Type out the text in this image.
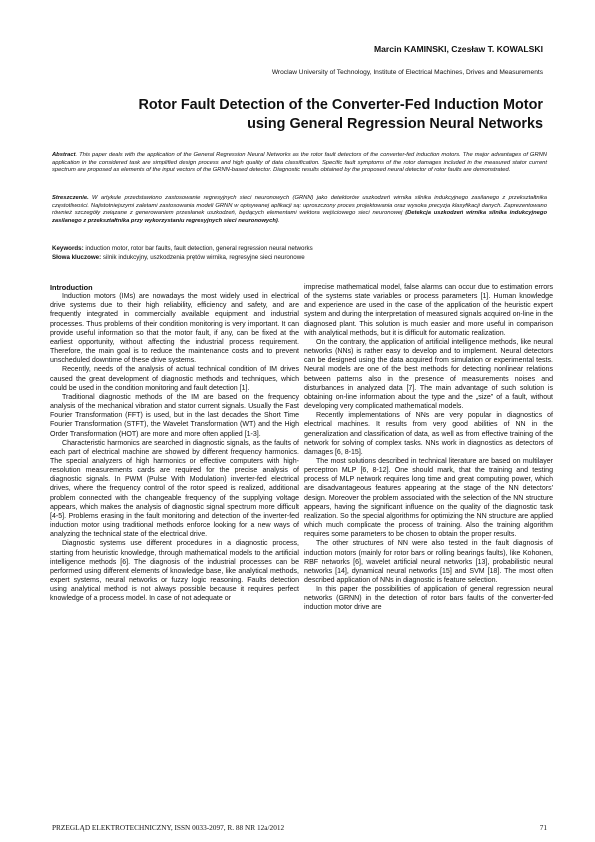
Marcin KAMINSKI, Czesław T. KOWALSKI
Wroclaw University of Technology, Institute of Electrical Machines, Drives and Measurements
Rotor Fault Detection of the Converter-Fed Induction Motor
using General Regression Neural Networks
Abstract. This paper deals with the application of the General Regression Neural Networks as the rotor fault detectors of the converter-fed induction motors. The major advantages of GRNN application in the considered task are simplified design process and high quality of data classification. Specific fault symptoms of the rotor damages included in the measured stator current spectrum are proposed as elements of the input vectors of the GRNN-based detector. Diagnostic results obtained by the proposed neural detector of rotor faults are demonstrated.
Streszczenie. W artykule przedstawiono zastosowanie regresyjnych sieci neuronowych (GRNN) jako detektorów uszkodzeń wirnika silnika indukcyjnego zasilanego z przekształtnika częstotliwości. Najistotniejszymi zaletami zastosowania modeli GRNN w opisywanej aplikacji są: uproszczony proces projektowania oraz wysoka precyzja klasyfikacji danych. Zaprezentowano również szczegóły związane z generowaniem przesłanek uszkodzeń, będących elementami wektora wejściowego sieci neuronowej (Detekcja uszkodzeń wirnika silnika indukcyjnego zasilanego z przekształtnika przy wykorzystaniu regresyjnych sieci neuronowych).
Keywords: induction motor, rotor bar faults, fault detection, general regression neural networks
Słowa kluczowe: silnik indukcyjny, uszkodzenia prętów wirnika, regresyjne sieci neuronowe
Introduction

Induction motors (IMs) are nowadays the most widely used in electrical drive systems due to their high reliability, efficiency and safety, and are frequently integrated in commercially available equipment and industrial processes. Thus problems of their condition monitoring is very important. It can provide useful information so that the motor fault, if any, can be fixed at the earliest opportunity, without affecting the industrial process requirement. Therefore, the main goal is to reduce the maintenance costs and to prevent unscheduled downtime of these drive systems.

Recently, needs of the analysis of actual technical condition of IM drives caused the great development of diagnostic methods and techniques, which could be used in the condition monitoring and fault detection [1].

Traditional diagnostic methods of the IM are based on the frequency analysis of the mechanical vibration and stator current signals. Usually the Fast Fourier Transformation (FFT) is used, but in the last decades the Short Time Fourier Transformation (STFT), the Wavelet Transformation (WT) and the High Order Transformation (HOT) are more and more often applied [1-3].

Characteristic harmonics are searched in diagnostic signals, as the faults of each part of electrical machine are showed by different frequency harmonics. The special analyzers of high harmonics or effective computers with high-resolution measurements cards are required for the precise analysis of diagnostic signals. In PWM (Pulse With Modulation) inverter-fed electrical drives, where the frequency control of the rotor speed is realized, additional problem connected with the changeable frequency of the supplying voltage appears, which makes the analysis of diagnostic signal spectrum more difficult [4-5]. Problems erasing in the fault monitoring and detection of the inverter-fed induction motor using traditional methods enforce looking for a new ways of analyzing the technical state of the electrical drive.

Diagnostic systems use different procedures in a diagnostic process, starting from heuristic knowledge, through mathematical models to the artificial intelligence methods [6]. The diagnosis of the industrial processes can be performed using different elements of knowledge base, like analytical methods, expert systems, neural networks or fuzzy logic reasoning. Faults detection using analytical method is not always possible because it requires perfect knowledge of a process model. In case of not adequate or

imprecise mathematical model, false alarms can occur due to estimation errors of the systems state variables or process parameters [1]. Human knowledge and experience are used in the case of the application of the heuristic expert system and during the interpretation of measured signals acquired on-line in the diagnosed plant. This solution is much easier and more useful in comparison with analytical methods, but it is difficult for automatic realization.

On the contrary, the application of artificial intelligence methods, like neural networks (NNs) is rather easy to develop and to implement. Neural detectors can be designed using the data acquired from simulation or experimental tests. Neural models are one of the best methods for detecting nonlinear relations between patterns also in the presence of measurements noises and disturbances in analyzed data [7]. The main advantage of such solution is obtaining on-line information about the type and the „size” of a fault, without developing very complicated mathematical models.

Recently implementations of NNs are very popular in diagnostics of electrical machines. It results from very good abilities of NN in the generalization and classification of data, as well as from effective training of the network for solving of complex tasks. NNs work in diagnostics as detectors of damages [6, 8-15].

The most solutions described in technical literature are based on multilayer perceptron MLP [6, 8-12]. One should mark, that the training and testing process of MLP network requires long time and great computing power, which are disadvantageous features appearing at the stage of the NN detectors' design. Moreover the problem associated with the selection of the NN structure appears, having the significant influence on the quality of the diagnostic task realization. So the special algorithms for optimizing the NN structure are applied which much complicate the process of training. Also the training algorithm requires some parameters to be chosen to obtain the proper results.

The other structures of NN were also tested in the fault diagnosis of induction motors (mainly for rotor bars or rolling bearings faults), like Kohonen, RBF networks [6], wavelet artificial neural networks [13], probabilistic neural networks [14], dynamical neural networks [15] and SVM [18]. The most often described application of NNs in diagnostic is feature selection.

In this paper the possibilities of application of general regression neural networks (GRNN) in the detection of rotor bars faults of the converter-fed induction motor drive are

PRZEGLĄD ELEKTROTECHNICZNY, ISSN 0033-2097, R. 88 NR 12a/2012	71
